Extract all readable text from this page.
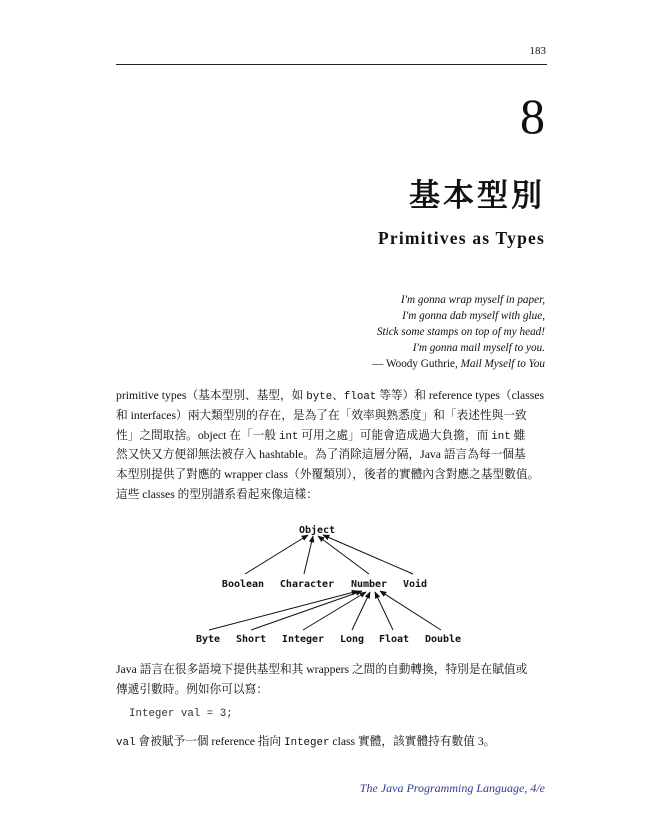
183
8
基本型別
Primitives as Types
I'm gonna wrap myself in paper,
I'm gonna dab myself with glue,
Stick some stamps on top of my head!
I'm gonna mail myself to you.
— Woody Guthrie, Mail Myself to You
primitive types（基本型別、基型，如 byte、float 等等）和 reference types（classes
和 interfaces）兩大類型別的存在，是為了在「效率與熟悉度」和「表述性與一致
性」之間取捨。object 在「一般 int 可用之處」可能會造成過大負擔，而 int 雖
然又快又方便卻無法被存入 hashtable。為了消除這層分隔，Java 語言為每一個基
本型別提供了對應的 wrapper class（外覆類別），後者的實體內含對應之基型數值。
這些 classes 的型別譜系看起來像這樣：
Object
Boolean Character Number Void
Byte Short Integer Long Float Double
Java 語言在很多語境下提供基型和其 wrappers 之間的自動轉換，特別是在賦值或
傳遞引數時。例如你可以寫：
Integer val = 3;
val 會被賦予一個 reference 指向 Integer class 實體，該實體持有數值 3。
The Java Programming Language, 4/e
